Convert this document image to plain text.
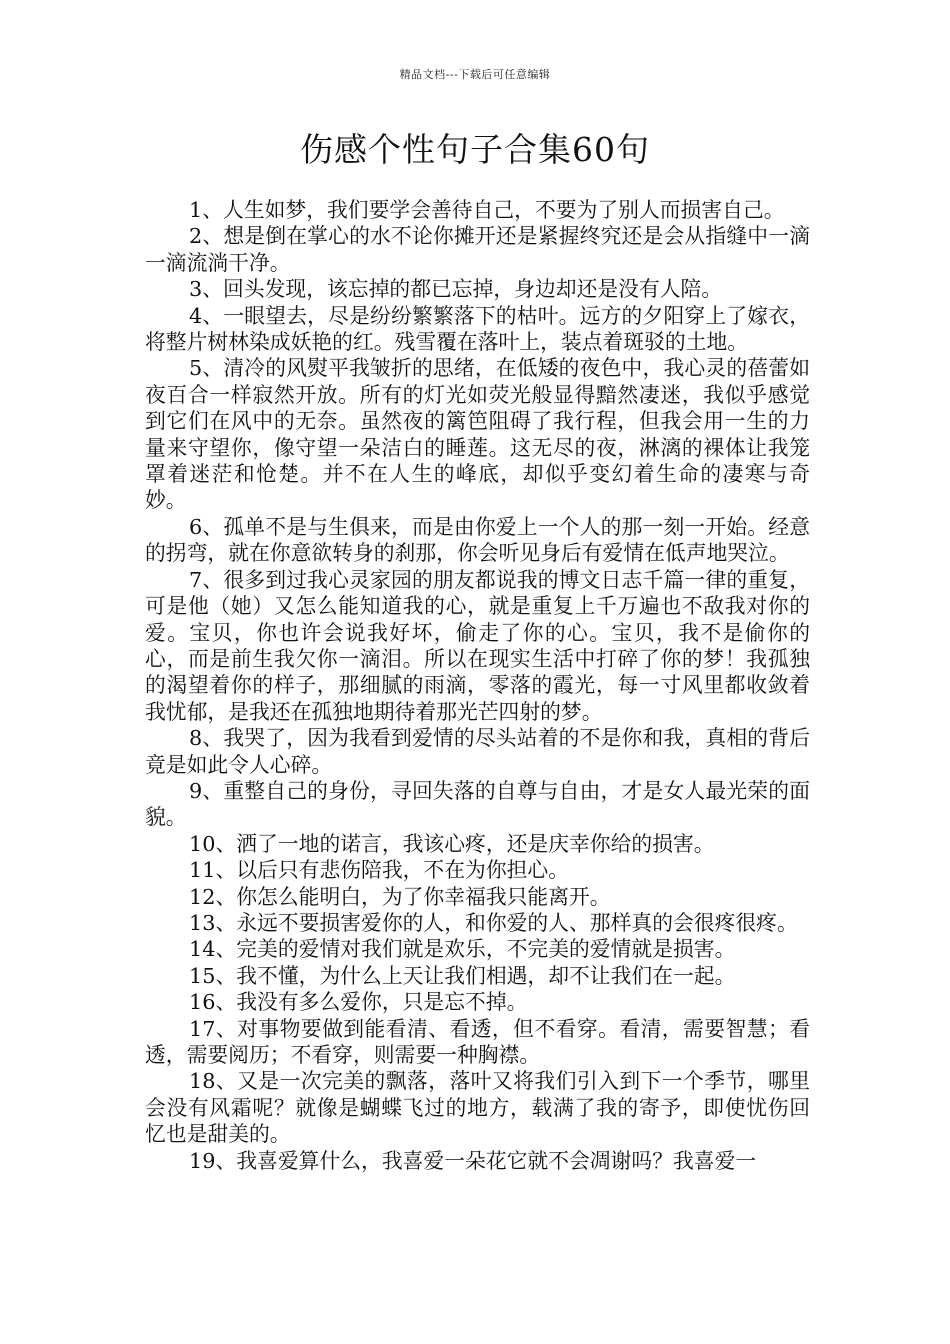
精品文档---下载后可任意编辑
伤感个性句子合集60句

1、人生如梦，我们要学会善待自己，不要为了别人而损害自己。

2、想是倒在掌心的水不论你摊开还是紧握终究还是会从指缝中一滴一滴流淌干净。

3、回头发现，该忘掉的都已忘掉，身边却还是没有人陪。

4、一眼望去，尽是纷纷繁繁落下的枯叶。远方的夕阳穿上了嫁衣，将整片树林染成妖艳的红。残雪覆在落叶上，装点着斑驳的土地。

5、清冷的风熨平我皱折的思绪，在低矮的夜色中，我心灵的蓓蕾如夜百合一样寂然开放。所有的灯光如荧光般显得黯然凄迷，我似乎感觉到它们在风中的无奈。虽然夜的篱笆阻碍了我行程，但我会用一生的力量来守望你，像守望一朵洁白的睡莲。这无尽的夜，淋漓的裸体让我笼罩着迷茫和怆楚。并不在人生的峰底，却似乎变幻着生命的凄寒与奇妙。

6、孤单不是与生俱来，而是由你爱上一个人的那一刻一开始。经意的拐弯，就在你意欲转身的刹那，你会听见身后有爱情在低声地哭泣。

7、很多到过我心灵家园的朋友都说我的博文日志千篇一律的重复，可是他（她）又怎么能知道我的心，就是重复上千万遍也不敌我对你的爱。宝贝，你也许会说我好坏，偷走了你的心。宝贝，我不是偷你的心，而是前生我欠你一滴泪。所以在现实生活中打碎了你的梦！我孤独的渴望着你的样子，那细腻的雨滴，零落的霞光，每一寸风里都收敛着我忧郁，是我还在孤独地期待着那光芒四射的梦。

8、我哭了，因为我看到爱情的尽头站着的不是你和我，真相的背后竟是如此令人心碎。

9、重整自己的身份，寻回失落的自尊与自由，才是女人最光荣的面貌。

10、洒了一地的诺言，我该心疼，还是庆幸你给的损害。

11、以后只有悲伤陪我，不在为你担心。

12、你怎么能明白，为了你幸福我只能离开。

13、永远不要损害爱你的人，和你爱的人、那样真的会很疼很疼。

14、完美的爱情对我们就是欢乐，不完美的爱情就是损害。

15、我不懂，为什么上天让我们相遇，却不让我们在一起。

16、我没有多么爱你，只是忘不掉。

17、对事物要做到能看清、看透，但不看穿。看清，需要智慧；看透，需要阅历；不看穿，则需要一种胸襟。

18、又是一次完美的飘落，落叶又将我们引入到下一个季节，哪里会没有风霜呢？就像是蝴蝶飞过的地方，载满了我的寄予，即使忧伤回忆也是甜美的。

19、我喜爱算什么，我喜爱一朵花它就不会凋谢吗？我喜爱一
